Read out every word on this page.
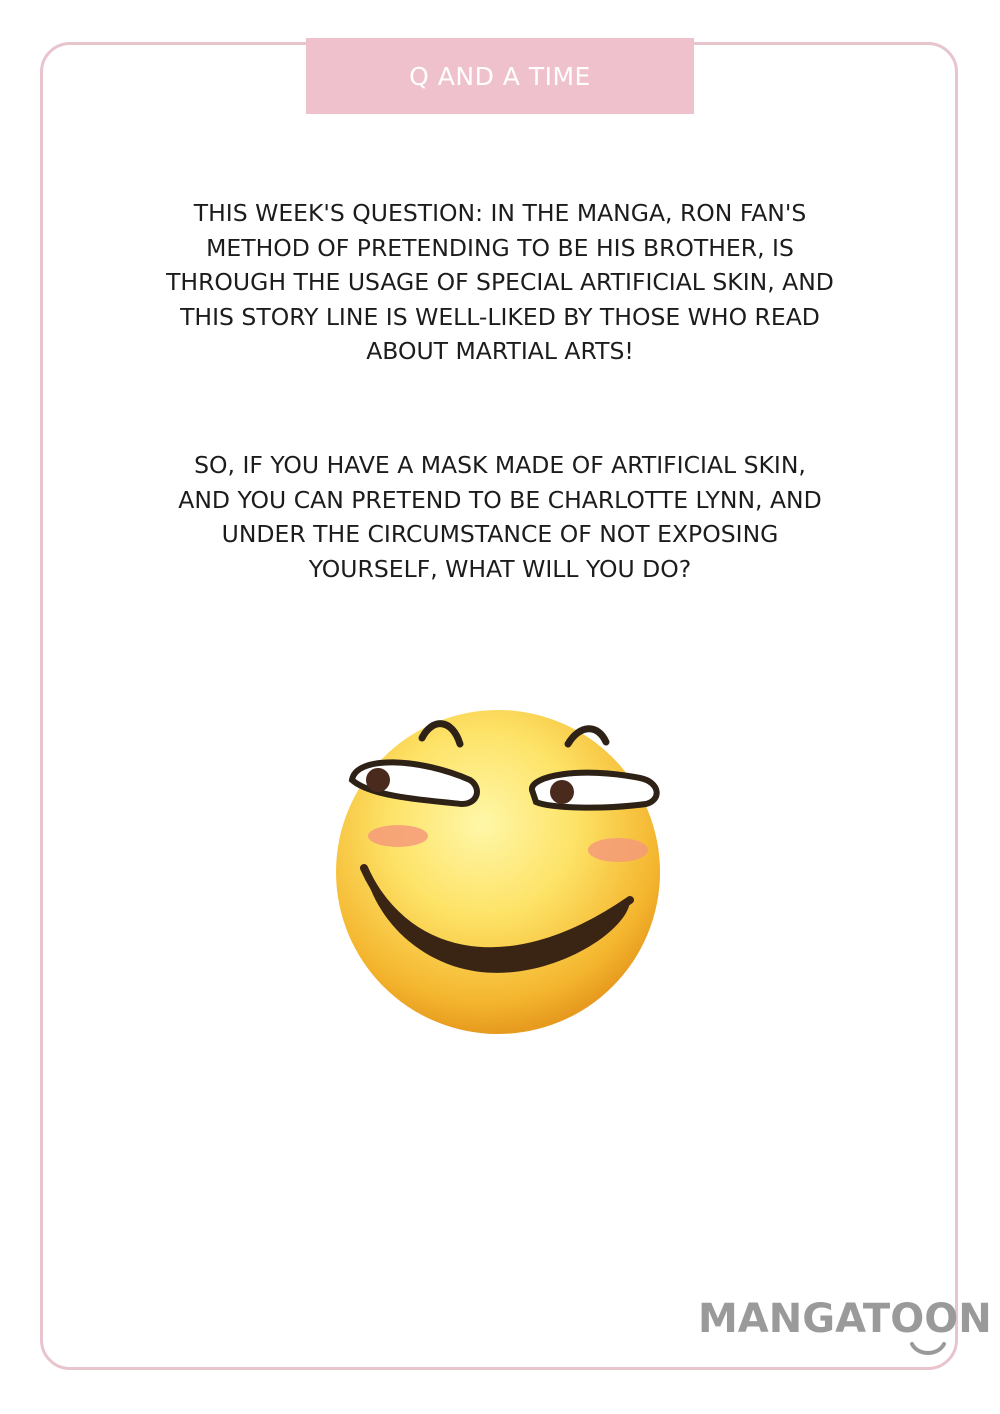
Q AND A TIME
THIS WEEK'S QUESTION: IN THE MANGA, RON FAN'S
METHOD OF PRETENDING TO BE HIS BROTHER, IS
THROUGH THE USAGE OF SPECIAL ARTIFICIAL SKIN, AND
THIS STORY LINE IS WELL-LIKED BY THOSE WHO READ
ABOUT MARTIAL ARTS!
SO, IF YOU HAVE A MASK MADE OF ARTIFICIAL SKIN,
AND YOU CAN PRETEND TO BE CHARLOTTE LYNN, AND
UNDER THE CIRCUMSTANCE OF NOT EXPOSING
YOURSELF, WHAT WILL YOU DO?
MANGATOON
